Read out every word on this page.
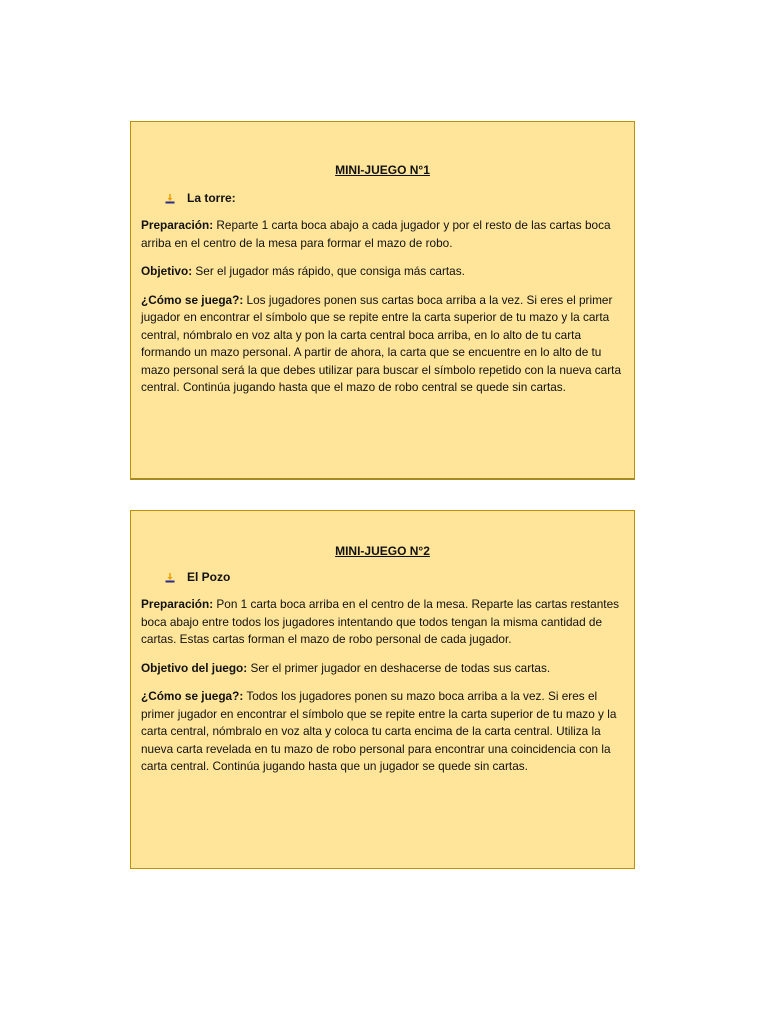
MINI-JUEGO N°1
La torre:

Preparación: Reparte 1 carta boca abajo a cada jugador y por el resto de las cartas boca arriba en el centro de la mesa para formar el mazo de robo.

Objetivo: Ser el jugador más rápido, que consiga más cartas.

¿Cómo se juega?: Los jugadores ponen sus cartas boca arriba a la vez. Si eres el primer jugador en encontrar el símbolo que se repite entre la carta superior de tu mazo y la carta central, nómbralo en voz alta y pon la carta central boca arriba, en lo alto de tu carta formando un mazo personal. A partir de ahora, la carta que se encuentre en lo alto de tu mazo personal será la que debes utilizar para buscar el símbolo repetido con la nueva carta central. Continúa jugando hasta que el mazo de robo central se quede sin cartas.

MINI-JUEGO N°2
El Pozo

Preparación: Pon 1 carta boca arriba en el centro de la mesa. Reparte las cartas restantes boca abajo entre todos los jugadores intentando que todos tengan la misma cantidad de cartas. Estas cartas forman el mazo de robo personal de cada jugador.

Objetivo del juego: Ser el primer jugador en deshacerse de todas sus cartas.

¿Cómo se juega?: Todos los jugadores ponen su mazo boca arriba a la vez. Si eres el primer jugador en encontrar el símbolo que se repite entre la carta superior de tu mazo y la carta central, nómbralo en voz alta y coloca tu carta encima de la carta central. Utiliza la nueva carta revelada en tu mazo de robo personal para encontrar una coincidencia con la carta central. Continúa jugando hasta que un jugador se quede sin cartas.
